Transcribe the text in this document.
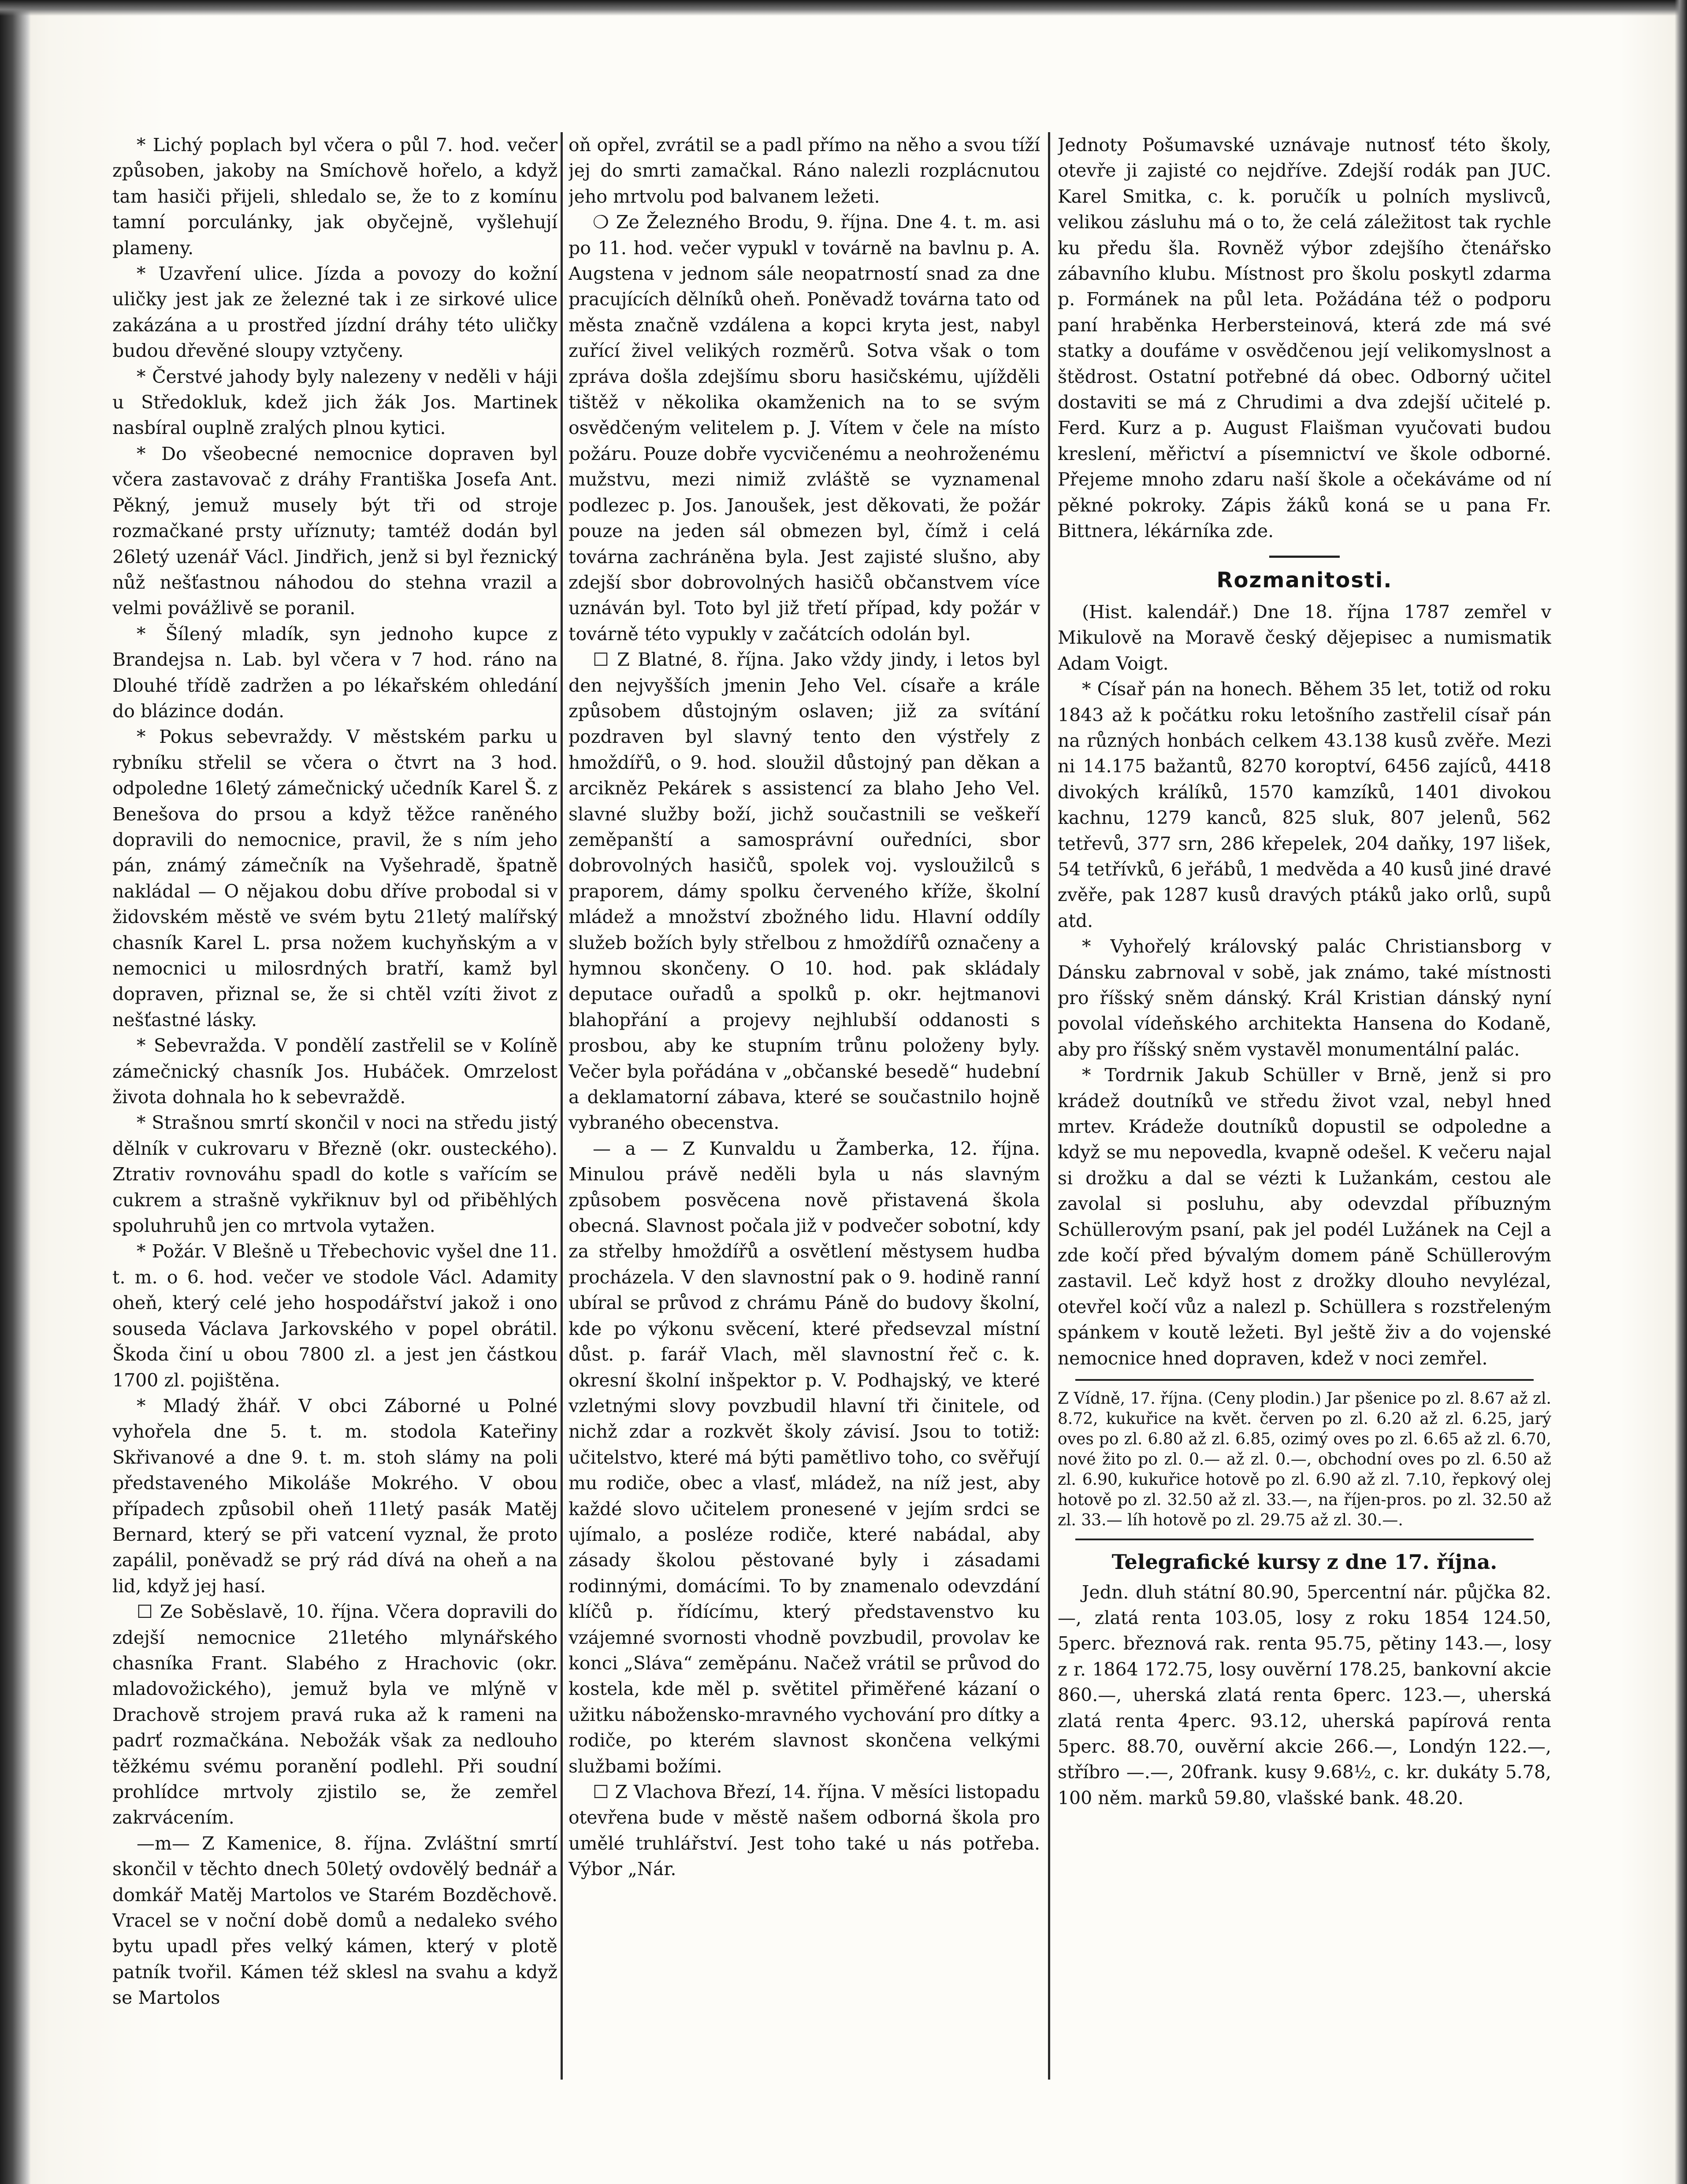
* Lichý poplach byl včera o půl 7. hod. večer způsoben, jakoby na Smíchově hořelo, a když tam hasiči přijeli, shledalo se, že to z komínu tamní porculánky, jak obyčejně, vyšlehují plameny.

* Uzavření ulice. Jízda a povozy do kožní uličky jest jak ze železné tak i ze sirkové ulice zakázána a u prostřed jízdní dráhy této uličky budou dřevěné sloupy vztyčeny.

* Čerstvé jahody byly nalezeny v neděli v háji u Středokluk, kdež jich žák Jos. Martinek nasbíral ouplně zralých plnou kytici.

* Do všeobecné nemocnice dopraven byl včera zastavovač z dráhy Františka Josefa Ant. Pěkný, jemuž musely být tři od stroje rozmačkané prsty uříznuty; tamtéž dodán byl 26letý uzenář Václ. Jindřich, jenž si byl řeznický nůž nešťastnou náhodou do stehna vrazil a velmi povážlivě se poranil.

* Šílený mladík, syn jednoho kupce z Brandejsa n. Lab. byl včera v 7 hod. ráno na Dlouhé třídě zadržen a po lékařském ohledání do blázince dodán.

* Pokus sebevraždy. V městském parku u rybníku střelil se včera o čtvrt na 3 hod. odpoledne 16letý zámečnický učedník Karel Š. z Benešova do prsou a když těžce raněného dopravili do nemocnice, pravil, že s ním jeho pán, známý zámečník na Vyšehradě, špatně nakládal — O nějakou dobu dříve probodal si v židovském městě ve svém bytu 21letý malířský chasník Karel L. prsa nožem kuchyňským a v nemocnici u milosrdných bratří, kamž byl dopraven, přiznal se, že si chtěl vzíti život z nešťastné lásky.

* Sebevražda. V pondělí zastřelil se v Kolíně zámečnický chasník Jos. Hubáček. Omrzelost života dohnala ho k sebevraždě.

* Strašnou smrtí skončil v noci na středu jistý dělník v cukrovaru v Březně (okr. ousteckého). Ztrativ rovnováhu spadl do kotle s vařícím se cukrem a strašně vykřiknuv byl od přiběhlých spoluhruhů jen co mrtvola vytažen.

* Požár. V Blešně u Třebechovic vyšel dne 11. t. m. o 6. hod. večer ve stodole Václ. Adamity oheň, který celé jeho hospodářství jakož i ono souseda Václava Jarkovského v popel obrátil. Škoda činí u obou 7800 zl. a jest jen částkou 1700 zl. pojištěna.

* Mladý žhář. V obci Záborné u Polné vyhořela dne 5. t. m. stodola Kateřiny Skřivanové a dne 9. t. m. stoh slámy na poli představeného Mikoláše Mokrého. V obou případech způsobil oheň 11letý pasák Matěj Bernard, který se při vatcení vyznal, že proto zapálil, poněvadž se prý rád dívá na oheň a na lid, když jej hasí.

☐ Ze Soběslavě, 10. října. Včera dopravili do zdejší nemocnice 21letého mlynářského chasníka Frant. Slabého z Hrachovic (okr. mladovožického), jemuž byla ve mlýně v Drachově strojem pravá ruka až k rameni na padrť rozmačkána. Nebožák však za nedlouho těžkému svému poranění podlehl. Při soudní prohlídce mrtvoly zjistilo se, že zemřel zakrvácením.

—m— Z Kamenice, 8. října. Zvláštní smrtí skončil v těchto dnech 50letý ovdovělý bednář a domkář Matěj Martolos ve Starém Bozděchově. Vracel se v noční době domů a nedaleko svého bytu upadl přes velký kámen, který v plotě patník tvořil. Kámen též sklesl na svahu a když se Martolos

oň opřel, zvrátil se a padl přímo na něho a svou tíží jej do smrti zamačkal. Ráno nalezli rozplácnutou jeho mrtvolu pod balvanem ležeti.

❍ Ze Železného Brodu, 9. října. Dne 4. t. m. asi po 11. hod. večer vypukl v továrně na bavlnu p. A. Augstena v jednom sále neopatrností snad za dne pracujících dělníků oheň. Poněvadž továrna tato od města značně vzdálena a kopci kryta jest, nabyl zuřící živel velikých rozměrů. Sotva však o tom zpráva došla zdejšímu sboru hasičskému, ujížděli tištěž v několika okamženich na to se svým osvědčeným velitelem p. J. Vítem v čele na místo požáru. Pouze dobře vycvičenému a neohroženému mužstvu, mezi nimiž zvláště se vyznamenal podlezec p. Jos. Janoušek, jest děkovati, že požár pouze na jeden sál obmezen byl, čímž i celá továrna zachráněna byla. Jest zajisté slušno, aby zdejší sbor dobrovolných hasičů občanstvem více uznáván byl. Toto byl již třetí případ, kdy požár v továrně této vypukly v začátcích odolán byl.

☐ Z Blatné, 8. října. Jako vždy jindy, i letos byl den nejvyšších jmenin Jeho Vel. císaře a krále způsobem důstojným oslaven; již za svítání pozdraven byl slavný tento den výstřely z hmoždířů, o 9. hod. sloužil důstojný pan děkan a arcikněz Pekárek s assistencí za blaho Jeho Vel. slavné služby boží, jichž součastnili se veškeří zeměpanští a samosprávní ouředníci, sbor dobrovolných hasičů, spolek voj. vysloužilců s praporem, dámy spolku červeného kříže, školní mládež a množství zbožného lidu. Hlavní oddíly služeb božích byly střelbou z hmoždířů označeny a hymnou skončeny. O 10. hod. pak skládaly deputace ouřadů a spolků p. okr. hejtmanovi blahopřání a projevy nejhlubší oddanosti s prosbou, aby ke stupním trůnu položeny byly. Večer byla pořádána v „občanské besedě“ hudební a deklamatorní zábava, které se součastnilo hojně vybraného obecenstva.

— a — Z Kunvaldu u Žamberka, 12. října. Minulou právě neděli byla u nás slavným způsobem posvěcena nově přistavená škola obecná. Slavnost počala již v podvečer sobotní, kdy za střelby hmoždířů a osvětlení městysem hudba procházela. V den slavnostní pak o 9. hodině ranní ubíral se průvod z chrámu Páně do budovy školní, kde po výkonu svěcení, které předsevzal místní důst. p. farář Vlach, měl slavnostní řeč c. k. okresní školní inšpektor p. V. Podhajský, ve které vzletnými slovy povzbudil hlavní tři činitele, od nichž zdar a rozkvět školy závisí. Jsou to totiž: učitelstvo, které má býti pamětlivo toho, co svěřují mu rodiče, obec a vlasť, mládež, na níž jest, aby každé slovo učitelem pronesené v jejím srdci se ujímalo, a posléze rodiče, které nabádal, aby zásady školou pěstované byly i zásadami rodinnými, domácími. To by znamenalo odevzdání klíčů p. řídícímu, který představenstvo ku vzájemné svornosti vhodně povzbudil, provolav ke konci „Sláva“ zeměpánu. Načež vrátil se průvod do kostela, kde měl p. světitel přiměřené kázaní o užitku nábožensko-mravného vychování pro dítky a rodiče, po kterém slavnost skončena velkými službami božími.

☐ Z Vlachova Březí, 14. října. V měsíci listopadu otevřena bude v městě našem odborná škola pro umělé truhlářství. Jest toho také u nás potřeba. Výbor „Nár.

Jednoty Pošumavské uznávaje nutnosť této školy, otevře ji zajisté co nejdříve. Zdejší rodák pan JUC. Karel Smitka, c. k. poručík u polních myslivců, velikou zásluhu má o to, že celá záležitost tak rychle ku předu šla. Rovněž výbor zdejšího čtenářsko zábavního klubu. Místnost pro školu poskytl zdarma p. Formánek na půl leta. Požádána též o podporu paní hraběnka Herbersteinová, která zde má své statky a doufáme v osvědčenou její velikomyslnost a štědrost. Ostatní potřebné dá obec. Odborný učitel dostaviti se má z Chrudimi a dva zdejší učitelé p. Ferd. Kurz a p. August Flaišman vyučovati budou kreslení, měřictví a písemnictví ve škole odborné. Přejeme mnoho zdaru naší škole a očekáváme od ní pěkné pokroky. Zápis žáků koná se u pana Fr. Bittnera, lékárníka zde.

Rozmanitosti.

(Hist. kalendář.) Dne 18. října 1787 zemřel v Mikulově na Moravě český dějepisec a numismatik Adam Voigt.

* Císař pán na honech. Během 35 let, totiž od roku 1843 až k počátku roku letošního zastřelil císař pán na různých honbách celkem 43.138 kusů zvěře. Mezi ni 14.175 bažantů, 8270 koroptví, 6456 zajíců, 4418 divokých králíků, 1570 kamzíků, 1401 divokou kachnu, 1279 kanců, 825 sluk, 807 jelenů, 562 tetřevů, 377 srn, 286 křepelek, 204 daňky, 197 lišek, 54 tetřívků, 6 jeřábů, 1 medvěda a 40 kusů jiné dravé zvěře, pak 1287 kusů dravých ptáků jako orlů, supů atd.

* Vyhořelý královský palác Christiansborg v Dánsku zabrnoval v sobě, jak známo, také místnosti pro říšský sněm dánský. Král Kristian dánský nyní povolal vídeňského architekta Hansena do Kodaně, aby pro říšský sněm vystavěl monumentální palác.

* Tordrnik Jakub Schüller v Brně, jenž si pro krádež doutníků ve středu život vzal, nebyl hned mrtev. Krádeže doutníků dopustil se odpoledne a když se mu nepovedla, kvapně odešel. K večeru najal si drožku a dal se vézti k Lužankám, cestou ale zavolal si posluhu, aby odevzdal příbuzným Schüllerovým psaní, pak jel podél Lužánek na Cejl a zde kočí před bývalým domem páně Schüllerovým zastavil. Leč když host z drožky dlouho nevylézal, otevřel kočí vůz a nalezl p. Schüllera s rozstřeleným spánkem v koutě ležeti. Byl ještě živ a do vojenské nemocnice hned dopraven, kdež v noci zemřel.

Z Vídně, 17. října. (Ceny plodin.) Jar pšenice po zl. 8.67 až zl. 8.72, kukuřice na květ. červen po zl. 6.20 až zl. 6.25, jarý oves po zl. 6.80 až zl. 6.85, ozimý oves po zl. 6.65 až zl. 6.70, nové žito po zl. 0.— až zl. 0.—, obchodní oves po zl. 6.50 až zl. 6.90, kukuřice hotově po zl. 6.90 až zl. 7.10, řepkový olej hotově po zl. 32.50 až zl. 33.—, na říjen-pros. po zl. 32.50 až zl. 33.— líh hotově po zl. 29.75 až zl. 30.—.

Telegrafické kursy z dne 17. října.

Jedn. dluh státní 80.90, 5percentní nár. půjčka 82.—, zlatá renta 103.05, losy z roku 1854 124.50, 5perc. březnová rak. renta 95.75, pětiny 143.—, losy z r. 1864 172.75, losy ouvěrní 178.25, bankovní akcie 860.—, uherská zlatá renta 6perc. 123.—, uherská zlatá renta 4perc. 93.12, uherská papírová renta 5perc. 88.70, ouvěrní akcie 266.—, Londýn 122.—, stříbro —.—, 20frank. kusy 9.68½, c. kr. dukáty 5.78, 100 něm. marků 59.80, vlašské bank. 48.20.
